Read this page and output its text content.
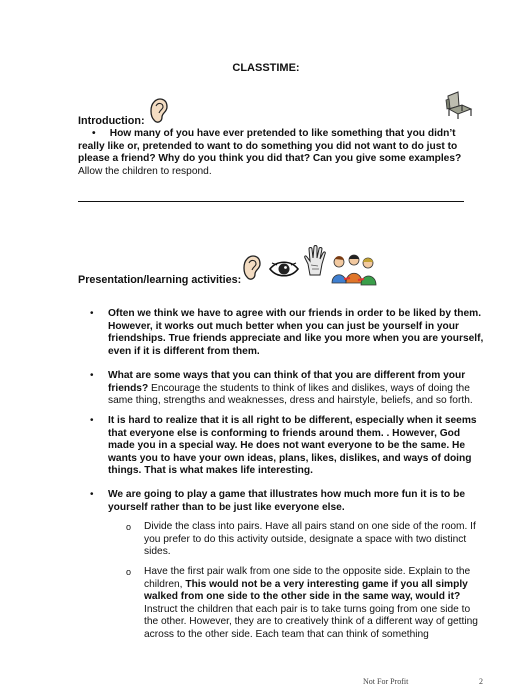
CLASSTIME:
Introduction:
•     How many of you have ever pretended to like something that you didn’t really like or, pretended to want to do something you did not want to do just to please a friend? Why do you think you did that? Can you give some examples?
Allow the children to respond.
Presentation/learning activities:
• Often we think we have to agree with our friends in order to be liked by them. However, it works out much better when you can just be yourself in your friendships. True friends appreciate and like you more when you are yourself, even if it is different from them.
• What are some ways that you can think of that you are different from your friends? Encourage the students to think of likes and dislikes, ways of doing the same thing, strengths and weaknesses, dress and hairstyle, beliefs, and so forth.
• It is hard to realize that it is all right to be different, especially when it seems that everyone else is conforming to friends around them. . However, God made you in a special way. He does not want everyone to be the same. He wants you to have your own ideas, plans, likes, dislikes, and ways of doing things. That is what makes life interesting.
• We are going to play a game that illustrates how much more fun it is to be yourself rather than to be just like everyone else.
o Divide the class into pairs. Have all pairs stand on one side of the room. If you prefer to do this activity outside, designate a space with two distinct sides.
o Have the first pair walk from one side to the opposite side. Explain to the children, This would not be a very interesting game if you all simply walked from one side to the other side in the same way, would it? Instruct the children that each pair is to take turns going from one side to the other. However, they are to creatively think of a different way of getting across to the other side. Each team that can think of something
Not For Profit	2
